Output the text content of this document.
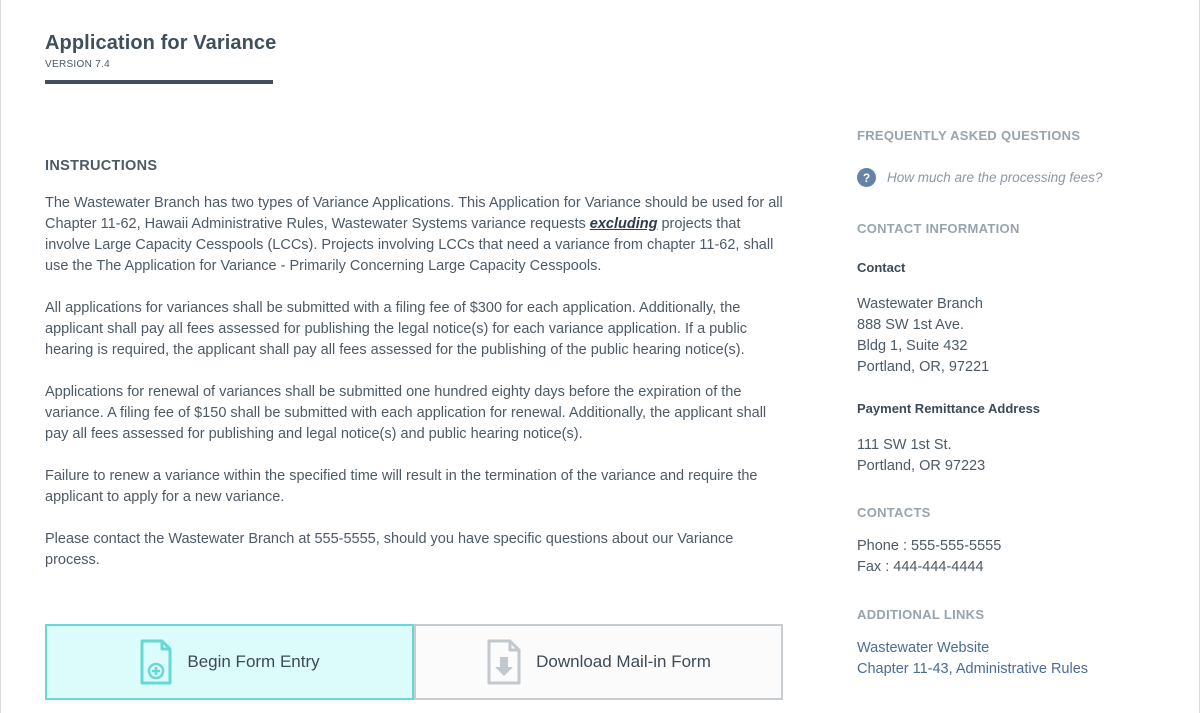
Application for Variance
VERSION 7.4

INSTRUCTIONS

The Wastewater Branch has two types of Variance Applications. This Application for Variance should be used for all Chapter 11-62, Hawaii Administrative Rules, Wastewater Systems variance requests excluding projects that involve Large Capacity Cesspools (LCCs). Projects involving LCCs that need a variance from chapter 11-62, shall use the The Application for Variance - Primarily Concerning Large Capacity Cesspools.

All applications for variances shall be submitted with a filing fee of $300 for each application. Additionally, the applicant shall pay all fees assessed for publishing the legal notice(s) for each variance application. If a public hearing is required, the applicant shall pay all fees assessed for the publishing of the public hearing notice(s).

Applications for renewal of variances shall be submitted one hundred eighty days before the expiration of the variance. A filing fee of $150 shall be submitted with each application for renewal. Additionally, the applicant shall pay all fees assessed for publishing and legal notice(s) and public hearing notice(s).

Failure to renew a variance within the specified time will result in the termination of the variance and require the applicant to apply for a new variance.

Please contact the Wastewater Branch at 555-5555, should you have specific questions about our Variance process.

Begin Form Entry	Download Mail-in Form

FREQUENTLY ASKED QUESTIONS

?	How much are the processing fees?

CONTACT INFORMATION

Contact
Wastewater Branch
888 SW 1st Ave.
Bldg 1, Suite 432
Portland, OR, 97221
Payment Remittance Address
111 SW 1st St.
Portland, OR 97223

CONTACTS

Phone : 555-555-5555
Fax : 444-444-4444

ADDITIONAL LINKS

Wastewater Website
Chapter 11-43, Administrative Rules
